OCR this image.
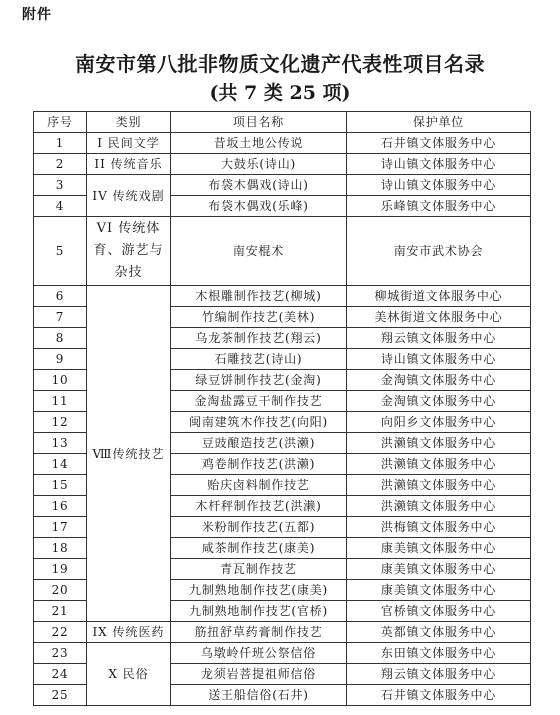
附件
南安市第八批非物质文化遗产代表性项目名录
(共 7 类 25 项)
序号	类别	项目名称	保护单位
1	I 民间文学	昔坂土地公传说	石井镇文体服务中心
2	II 传统音乐	大鼓乐(诗山)	诗山镇文体服务中心
3	IV 传统戏剧	布袋木偶戏(诗山)	诗山镇文体服务中心
4		布袋木偶戏(乐峰)	乐峰镇文体服务中心
5	VI 传统体育、游艺与杂技	南安棍术	南安市武术协会
6	Ⅷ传统技艺	木根雕制作技艺(柳城)	柳城街道文体服务中心
7		竹编制作技艺(美林)	美林街道文体服务中心
8		乌龙茶制作技艺(翔云)	翔云镇文体服务中心
9		石雕技艺(诗山)	诗山镇文体服务中心
10		绿豆饼制作技艺(金淘)	金淘镇文体服务中心
11		金淘盐露豆干制作技艺	金淘镇文体服务中心
12		闽南建筑木作技艺(向阳)	向阳乡文体服务中心
13		豆豉酿造技艺(洪濑)	洪濑镇文体服务中心
14		鸡卷制作技艺(洪濑)	洪濑镇文体服务中心
15		贻庆卤料制作技艺	洪濑镇文体服务中心
16		木杆秤制作技艺(洪濑)	洪濑镇文体服务中心
17		米粉制作技艺(五都)	洪梅镇文体服务中心
18		咸茶制作技艺(康美)	康美镇文体服务中心
19		青瓦制作技艺	康美镇文体服务中心
20		九制熟地制作技艺(康美)	康美镇文体服务中心
21		九制熟地制作技艺(官桥)	官桥镇文体服务中心
22	IX 传统医药	筋扭舒草药膏制作技艺	英都镇文体服务中心
23	X 民俗	乌墩岭仟班公祭信俗	东田镇文体服务中心
24		龙须岩菩提祖师信俗	翔云镇文体服务中心
25		送王船信俗(石井)	石井镇文体服务中心
